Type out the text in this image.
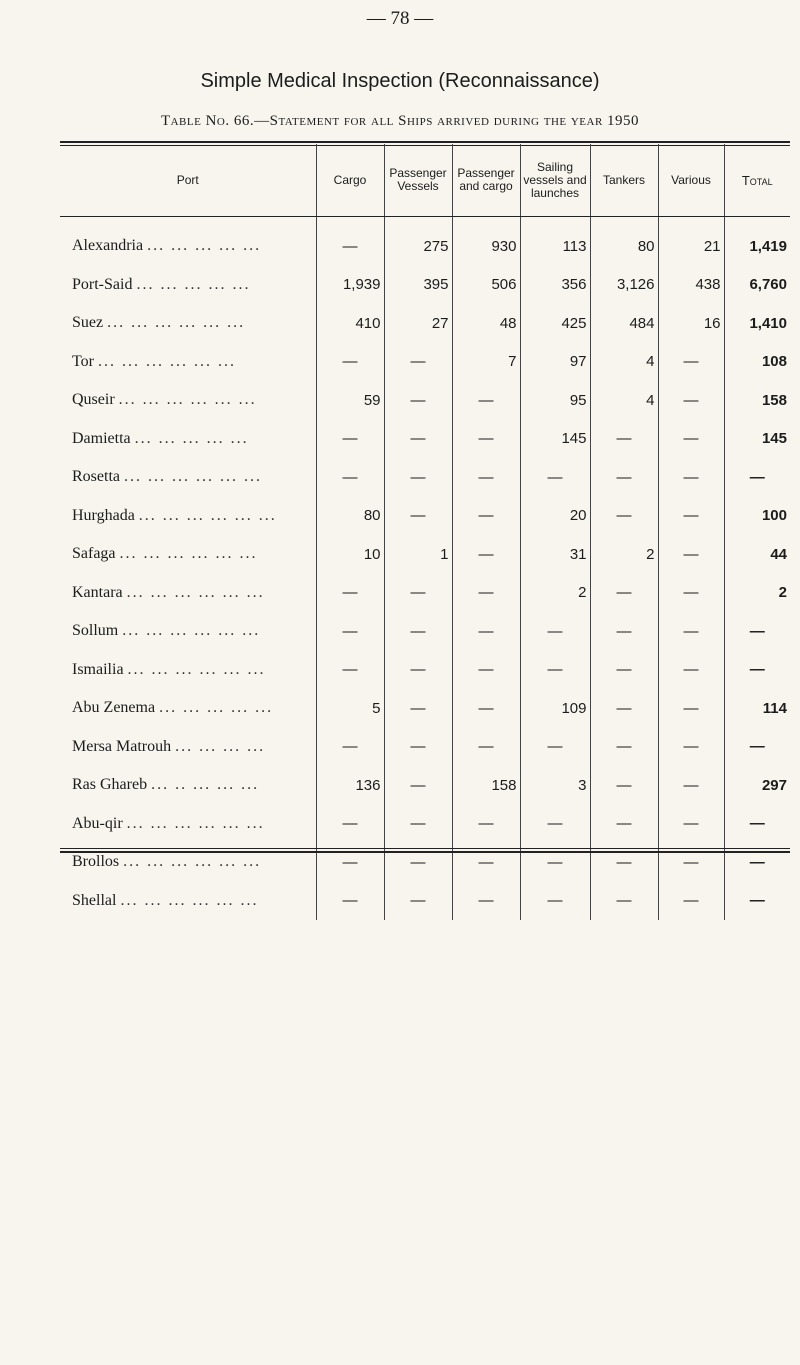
— 78 —
Simple Medical Inspection (Reconnaissance)
Table No. 66.—Statement for all Ships arrived during the year 1950
Port	Cargo	Passenger Vessels	Passenger and cargo	Sailing vessels and launches	Tankers	Various	Total
Alexandria ... ... ... ... ...	—	275	930	113	80	21	1,419
Port-Said ... ... ... ... ...	1,939	395	506	356	3,126	438	6,760
Suez ... ... ... ... ... ...	410	27	48	425	484	16	1,410
Tor ... ... ... ... ... ...	—	—	7	97	4	—	108
Quseir ... ... ... ... ... ...	59	—	—	95	4	—	158
Damietta ... ... ... ... ...	—	—	—	145	—	—	145
Rosetta ... ... ... ... ... ...	—	—	—	—	—	—	—
Hurghada ... ... ... ... ... ...	80	—	—	20	—	—	100
Safaga ... ... ... ... ... ...	10	1	—	31	2	—	44
Kantara ... ... ... ... ... ...	—	—	—	2	—	—	2
Sollum ... ... ... ... ... ...	—	—	—	—	—	—	—
Ismailia ... ... ... ... ... ...	—	—	—	—	—	—	—
Abu Zenema ... ... ... ... ...	5	—	—	109	—	—	114
Mersa Matrouh ... ... ... ...	—	—	—	—	—	—	—
Ras Ghareb ... .. ... ... ...	136	—	158	3	—	—	297
Abu-qir ... ... ... ... ... ...	—	—	—	—	—	—	—
Brollos ... ... ... ... ... ...	—	—	—	—	—	—	—
Shellal ... ... ... ... ... ...	—	—	—	—	—	—	—
